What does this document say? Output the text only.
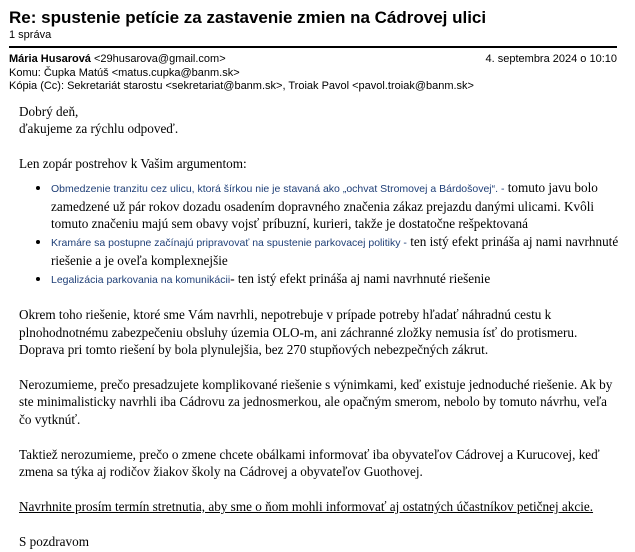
Re: spustenie petície za zastavenie zmien na Cádrovej ulici
1 správa
Mária Husarová <29husarova@gmail.com>	4. septembra 2024 o 10:10
Komu: Čupka Matúš <matus.cupka@banm.sk>
Kópia (Cc): Sekretariát starostu <sekretariat@banm.sk>, Troiak Pavol <pavol.troiak@banm.sk>

Dobrý deň,

ďakujeme za rýchlu odpoveď.

Len zopár postrehov k Vašim argumentom:

• Obmedzenie tranzitu cez ulicu, ktorá šírkou nie je stavaná ako „ochvat Stromovej a Bárdošovej“. - tomuto javu bolo zamedzené už pár rokov dozadu osadením dopravného značenia zákaz prejazdu danými ulicami. Kvôli tomuto značeniu majú sem obavy vojsť príbuzní, kurieri, takže je dostatočne rešpektovaná
• Kramáre sa postupne začínajú pripravovať na spustenie parkovacej politiky - ten istý efekt prináša aj nami navrhnuté riešenie a je oveľa komplexnejšie
• Legalizácia parkovania na komunikácii- ten istý efekt prináša aj nami navrhnuté riešenie

Okrem toho riešenie, ktoré sme Vám navrhli, nepotrebuje v prípade potreby hľadať náhradnú cestu k plnohodnotnému zabezpečeniu obsluhy územia OLO-m, ani záchranné zložky nemusia ísť do protismeru. Doprava pri tomto riešení by bola plynulejšia, bez 270 stupňových nebezpečných zákrut.

Nerozumieme, prečo presadzujete komplikované riešenie s výnimkami, keď existuje jednoduché riešenie. Ak by ste minimalisticky navrhli iba Cádrovu za jednosmerkou, ale opačným smerom, nebolo by tomuto návrhu, veľa čo vytknúť.

Taktiež nerozumieme, prečo o zmene chcete obálkami informovať iba obyvateľov Cádrovej a Kurucovej, keď zmena sa týka aj rodičov žiakov školy na Cádrovej a obyvateľov Guothovej.

Navrhnite prosím termín stretnutia, aby sme o ňom mohli informovať aj ostatných účastníkov petičnej akcie.

S pozdravom
